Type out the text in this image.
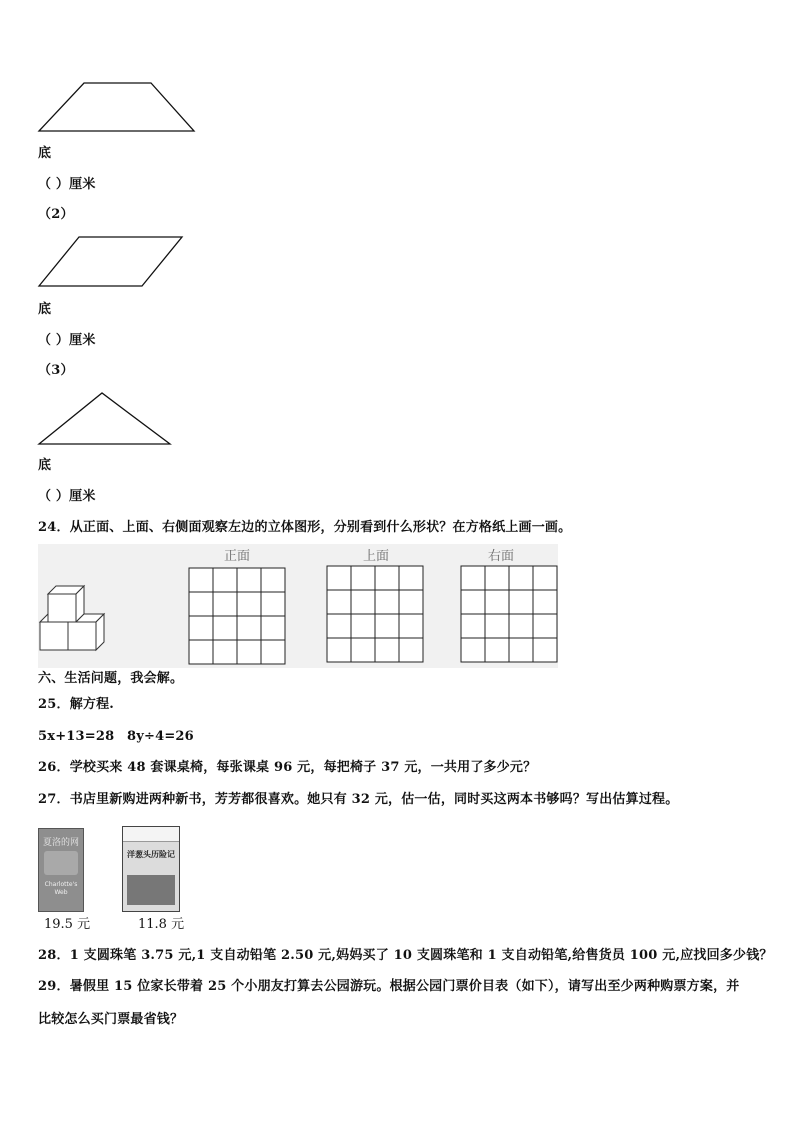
底
（ ）厘米
（2）
底
（ ）厘米
（3）
底
（ ）厘米
24．从正面、上面、右侧面观察左边的立体图形，分别看到什么形状？在方格纸上画一画。
正面	上面	右面
六、生活问题，我会解。
25．解方程.
5x+13=28 8y÷4=26
26．学校买来 48 套课桌椅，每张课桌 96 元，每把椅子 37 元，一共用了多少元？
27．书店里新购进两种新书，芳芳都很喜欢。她只有 32 元，估一估，同时买这两本书够吗？写出估算过程。
夏洛的网
Charlotte's Web
19.5 元
洋葱头历险记
11.8 元
28．1 支圆珠笔 3.75 元,1 支自动铅笔 2.50 元,妈妈买了 10 支圆珠笔和 1 支自动铅笔,给售货员 100 元,应找回多少钱？
29．暑假里 15 位家长带着 25 个小朋友打算去公园游玩。根据公园门票价目表（如下），请写出至少两种购票方案，并
比较怎么买门票最省钱？
